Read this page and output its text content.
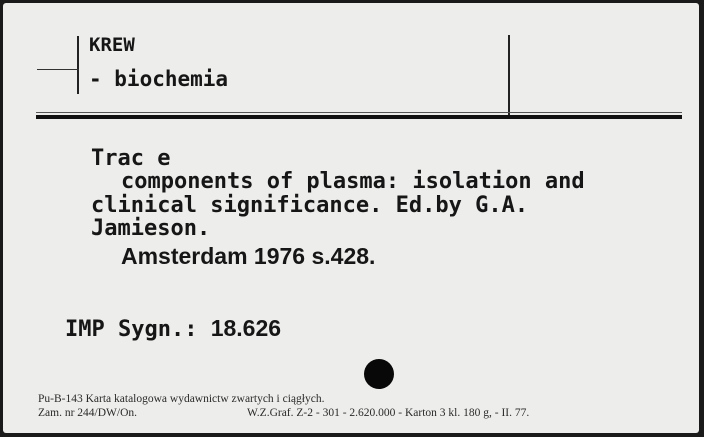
KREW
- biochemia
Trac e
components of plasma: isolation and
clinical significance. Ed.by G.A.
Jamieson.
Amsterdam 1976 s.428.
IMP Sygn.: 18.626
Pu-B-143 Karta katalogowa wydawnictw zwartych i ciągłych.
Zam. nr 244/DW/On.	W.Z.Graf. Z-2 - 301 - 2.620.000 - Karton 3 kl. 180 g, - II. 77.
